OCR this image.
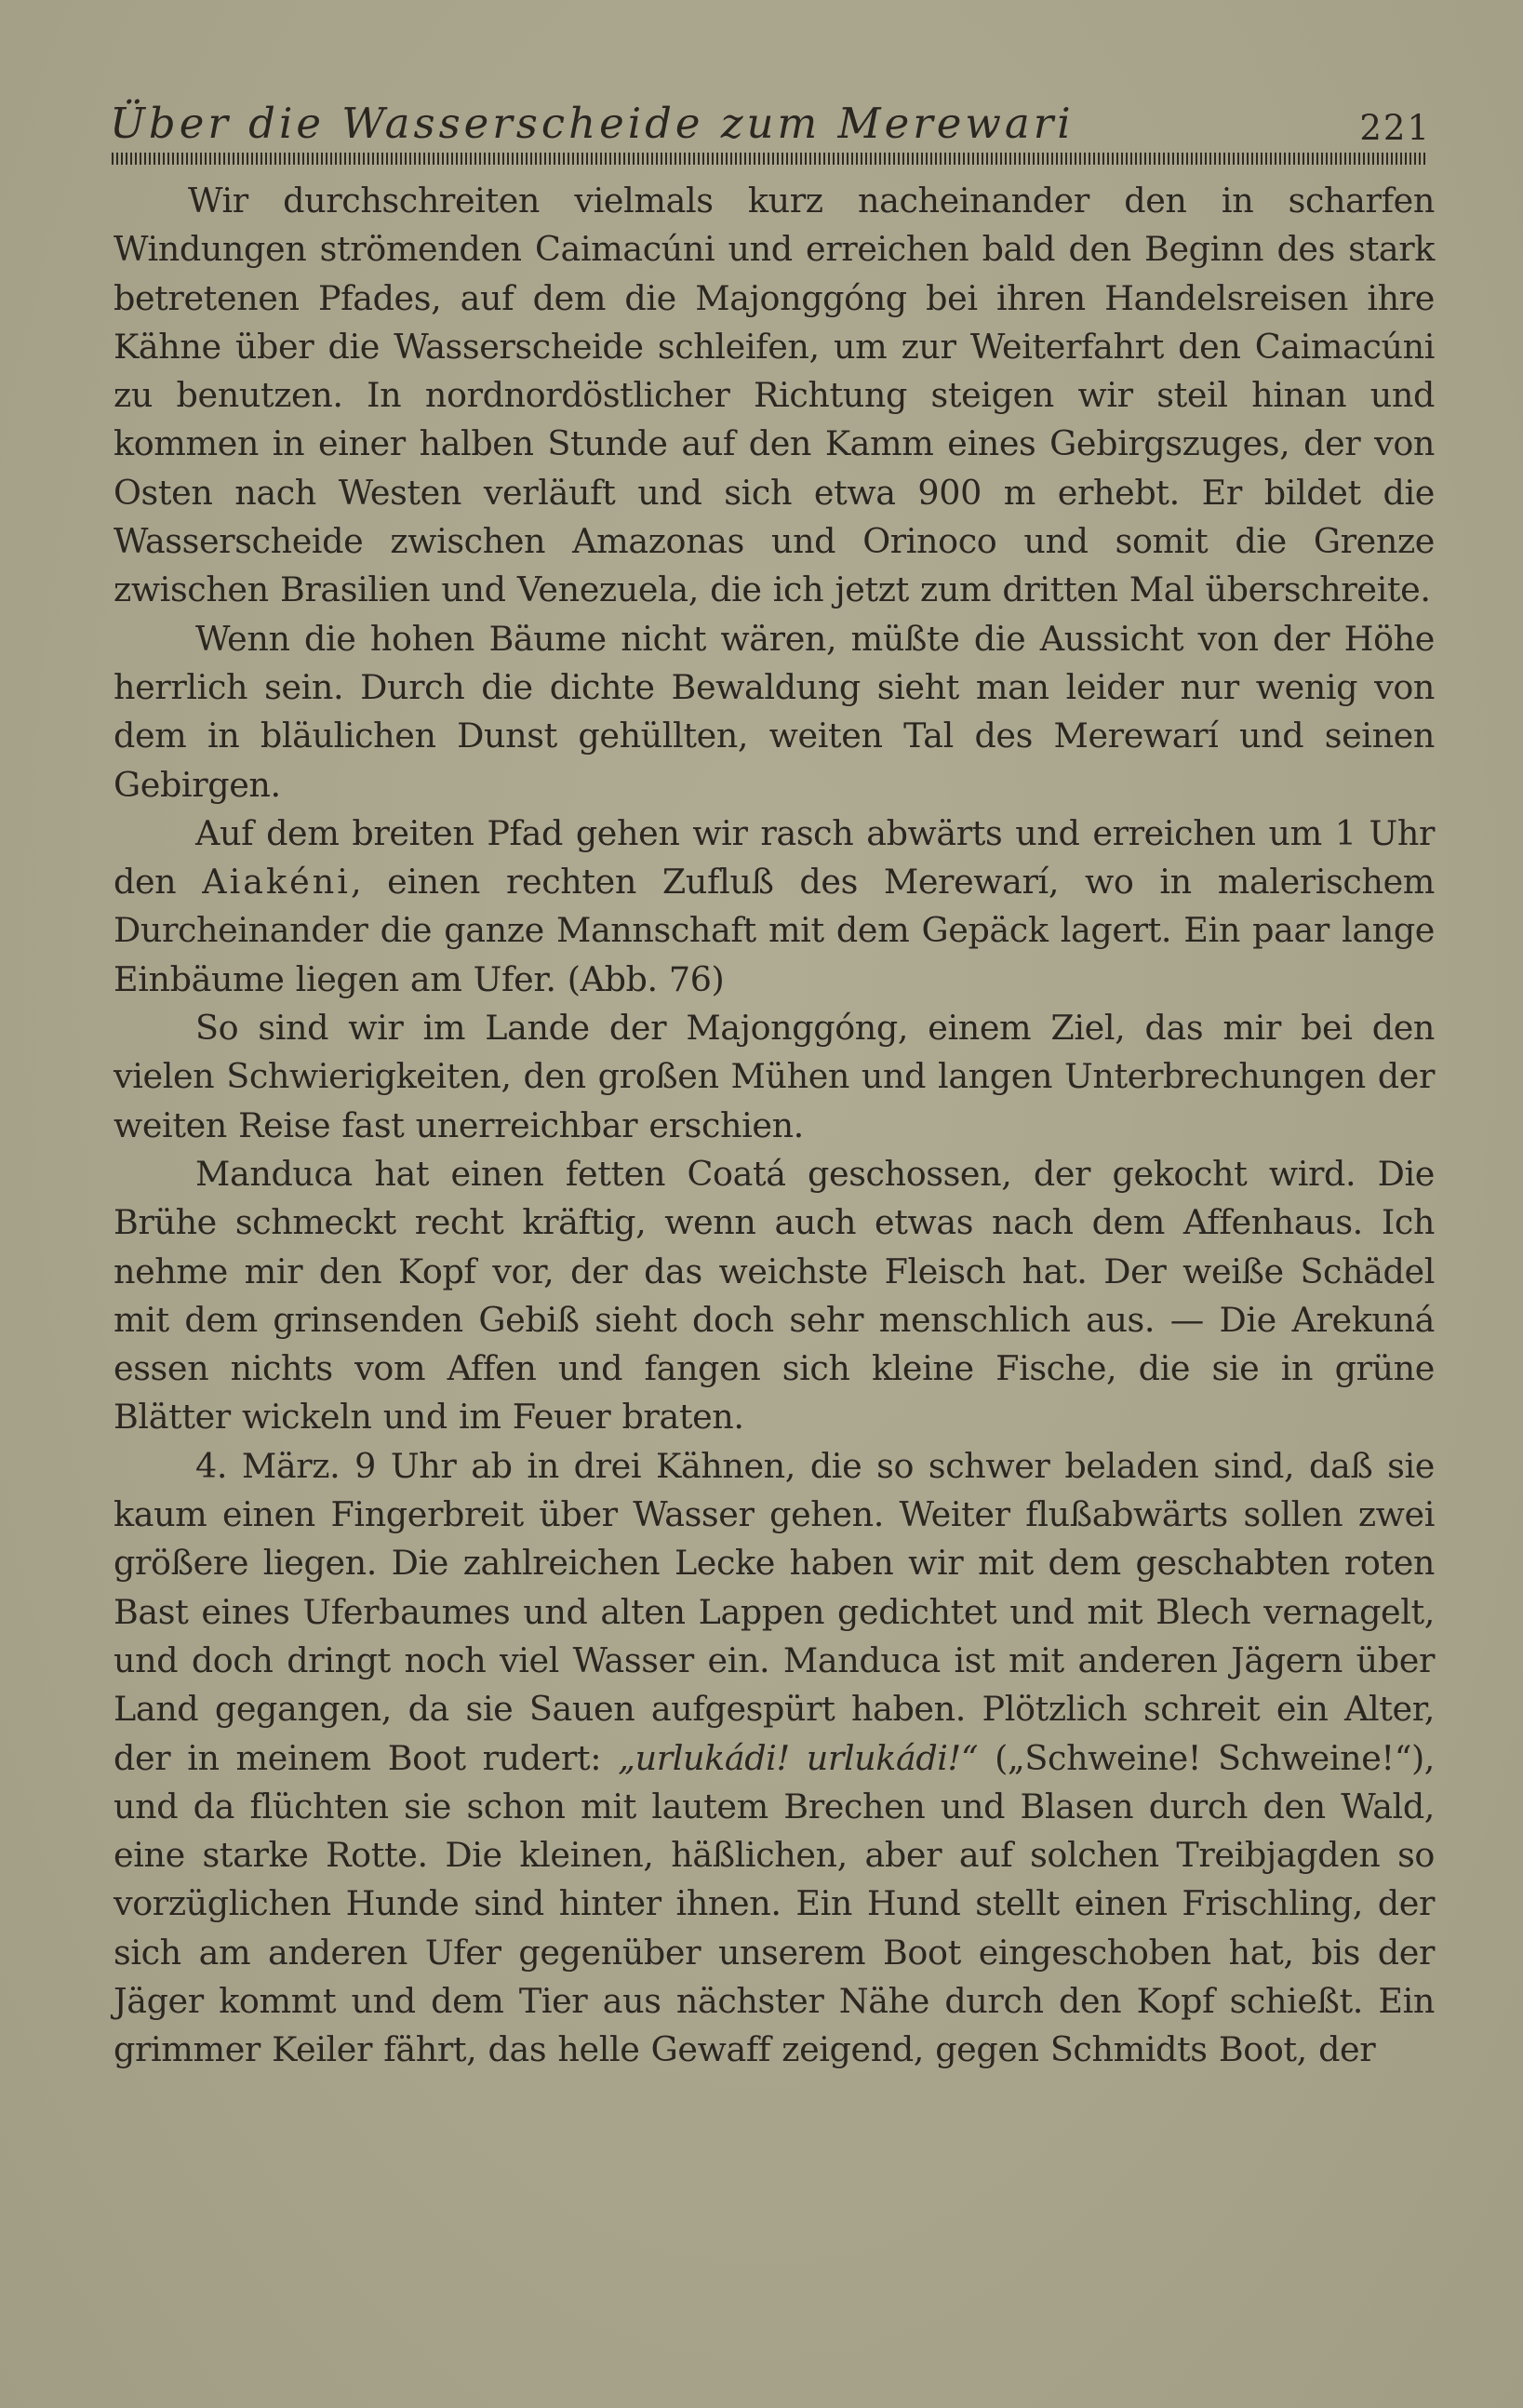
Über die Wasserscheide zum Merewari	221

Wir durchschreiten vielmals kurz nacheinander den in scharfen Windungen strömenden Caimacúni und erreichen bald den Beginn des stark betretenen Pfades, auf dem die Majonggóng bei ihren Handelsreisen ihre Kähne über die Wasserscheide schleifen, um zur Weiterfahrt den Caimacúni zu benutzen. In nordnordöstlicher Richtung steigen wir steil hinan und kommen in einer halben Stunde auf den Kamm eines Gebirgszuges, der von Osten nach Westen verläuft und sich etwa 900 m erhebt. Er bildet die Wasserscheide zwischen Amazonas und Orinoco und somit die Grenze zwischen Brasilien und Venezuela, die ich jetzt zum dritten Mal überschreite.

Wenn die hohen Bäume nicht wären, müßte die Aussicht von der Höhe herrlich sein. Durch die dichte Bewaldung sieht man leider nur wenig von dem in bläulichen Dunst gehüllten, weiten Tal des Merewarí und seinen Gebirgen.

Auf dem breiten Pfad gehen wir rasch abwärts und erreichen um 1 Uhr den Aiakéni, einen rechten Zufluß des Merewarí, wo in malerischem Durcheinander die ganze Mannschaft mit dem Gepäck lagert. Ein paar lange Einbäume liegen am Ufer. (Abb. 76)

So sind wir im Lande der Majonggóng, einem Ziel, das mir bei den vielen Schwierigkeiten, den großen Mühen und langen Unterbrechungen der weiten Reise fast unerreichbar erschien.

Manduca hat einen fetten Coatá geschossen, der gekocht wird. Die Brühe schmeckt recht kräftig, wenn auch etwas nach dem Affenhaus. Ich nehme mir den Kopf vor, der das weichste Fleisch hat. Der weiße Schädel mit dem grinsenden Gebiß sieht doch sehr menschlich aus. — Die Arekuná essen nichts vom Affen und fangen sich kleine Fische, die sie in grüne Blätter wickeln und im Feuer braten.

4. März. 9 Uhr ab in drei Kähnen, die so schwer beladen sind, daß sie kaum einen Fingerbreit über Wasser gehen. Weiter flußabwärts sollen zwei größere liegen. Die zahlreichen Lecke haben wir mit dem geschabten roten Bast eines Uferbaumes und alten Lappen gedichtet und mit Blech vernagelt, und doch dringt noch viel Wasser ein. Manduca ist mit anderen Jägern über Land gegangen, da sie Sauen aufgespürt haben. Plötzlich schreit ein Alter, der in meinem Boot rudert: „urlukádi! urlukádi!“ („Schweine! Schweine!“), und da flüchten sie schon mit lautem Brechen und Blasen durch den Wald, eine starke Rotte. Die kleinen, häßlichen, aber auf solchen Treibjagden so vorzüglichen Hunde sind hinter ihnen. Ein Hund stellt einen Frischling, der sich am anderen Ufer gegenüber unserem Boot eingeschoben hat, bis der Jäger kommt und dem Tier aus nächster Nähe durch den Kopf schießt. Ein grimmer Keiler fährt, das helle Gewaff zeigend, gegen Schmidts Boot, der
